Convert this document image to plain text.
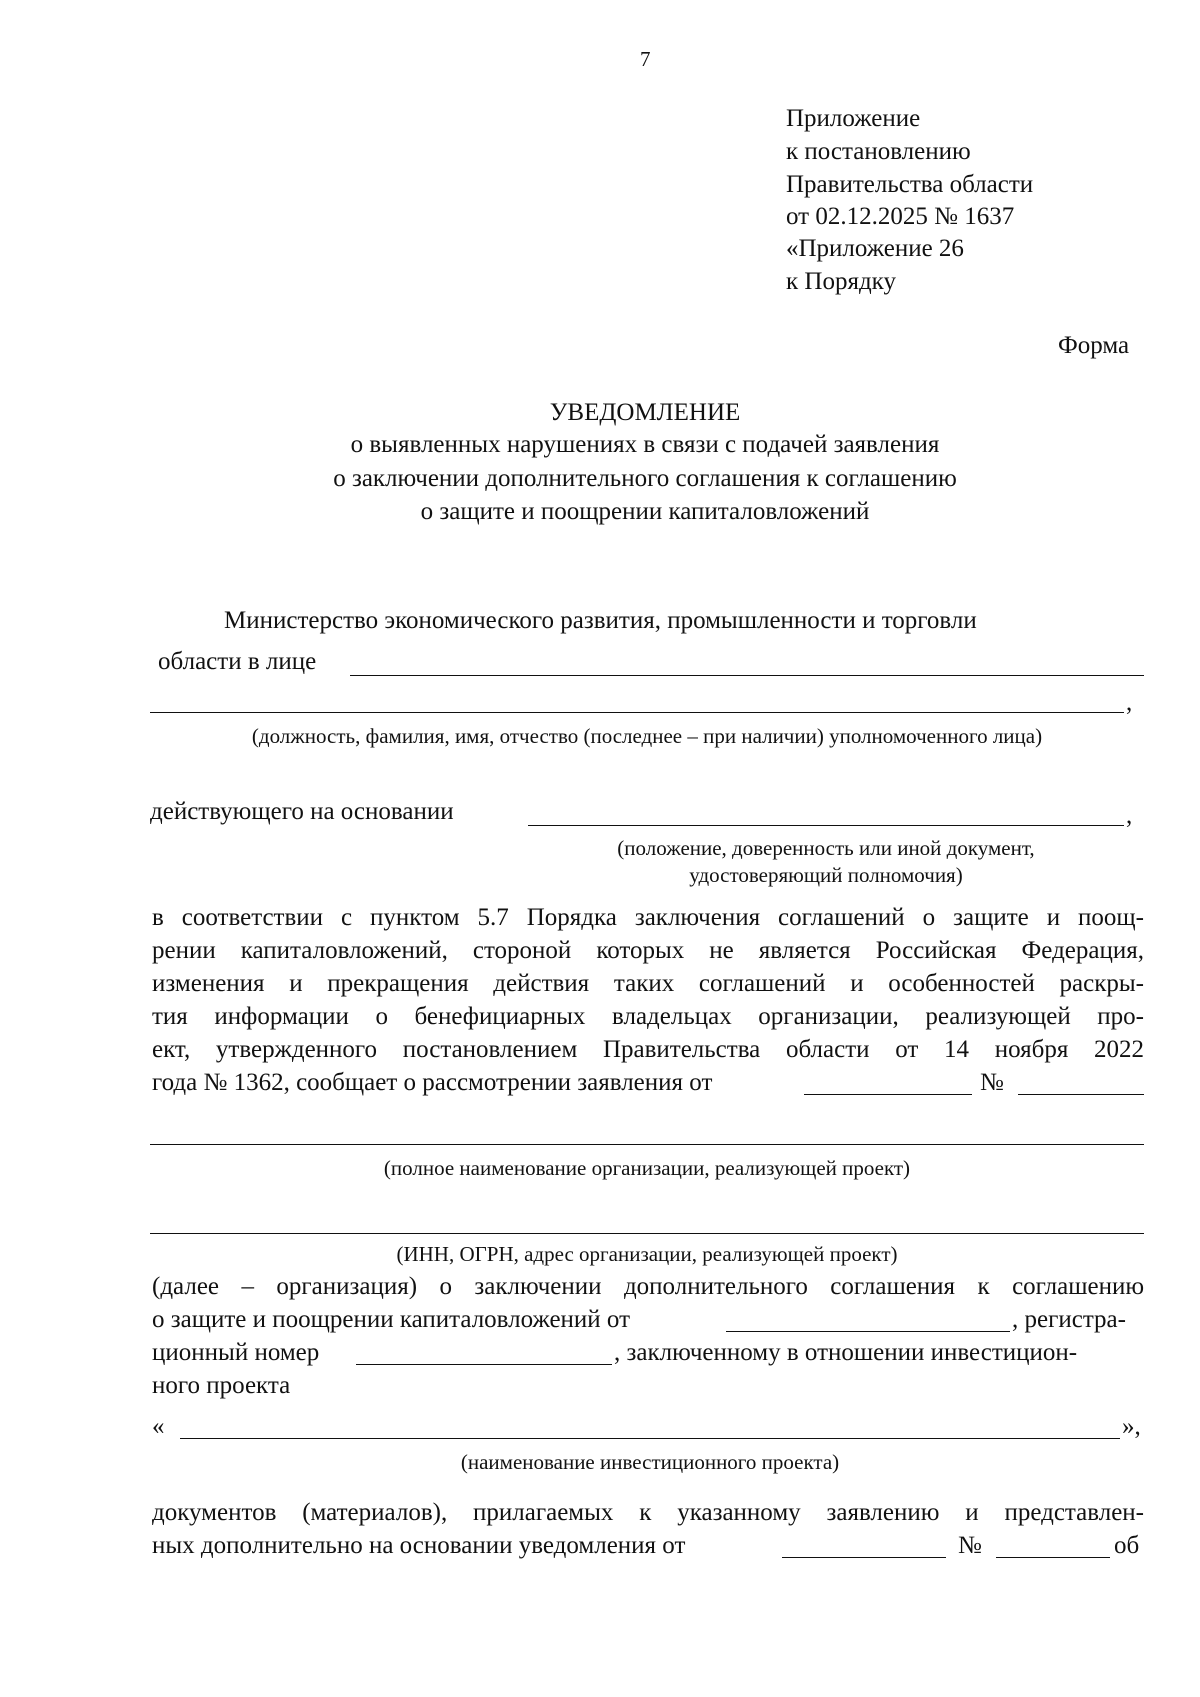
7
Приложение
к постановлению
Правительства области
от 02.12.2025 № 1637
«Приложение 26
к Порядку
Форма
УВЕДОМЛЕНИЕ
о выявленных нарушениях в связи с подачей заявления
о заключении дополнительного соглашения к соглашению
о защите и поощрении капиталовложений
Министерство экономического развития, промышленности и торговли
области в лице
,
(должность, фамилия, имя, отчество (последнее – при наличии) уполномоченного лица)
действующего на основании	,
(положение, доверенность или иной документ,
удостоверяющий полномочия)
в соответствии с пунктом 5.7 Порядка заключения соглашений о защите и поощ-
рении капиталовложений, стороной которых не является Российская Федерация,
изменения и прекращения действия таких соглашений и особенностей раскры-
тия информации о бенефициарных владельцах организации, реализующей про-
ект, утвержденного постановлением Правительства области от 14 ноября 2022
года № 1362, сообщает о рассмотрении заявления от	№
(полное наименование организации, реализующей проект)
(ИНН, ОГРН, адрес организации, реализующей проект)
(далее – организация) о заключении дополнительного соглашения к соглашению
о защите и поощрении капиталовложений от	, регистра-
ционный номер	, заключенному в отношении инвестицион-
ного проекта
«	»,
(наименование инвестиционного проекта)
документов (материалов), прилагаемых к указанному заявлению и представлен-
ных дополнительно на основании уведомления от	№	об
